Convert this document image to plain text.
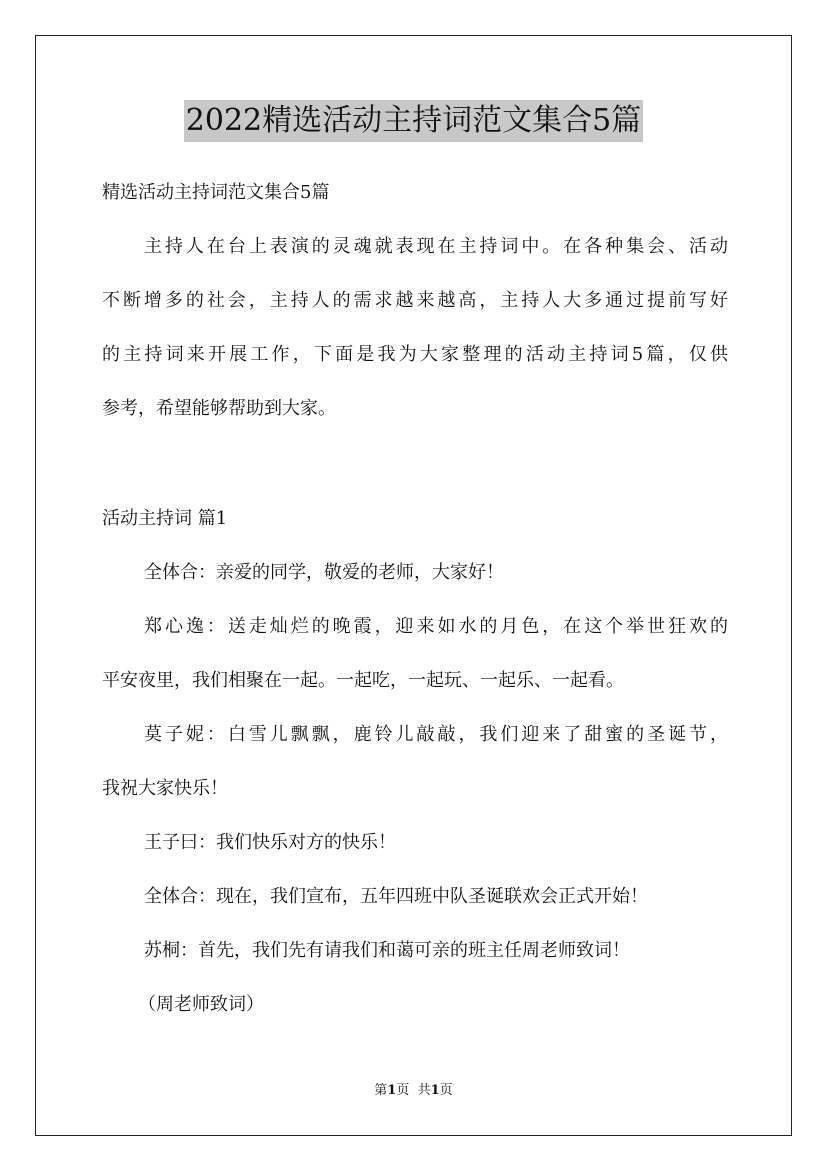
2022精选活动主持词范文集合5篇
精选活动主持词范文集合5篇
主持人在台上表演的灵魂就表现在主持词中。在各种集会、活动
不断增多的社会，主持人的需求越来越高，主持人大多通过提前写好
的主持词来开展工作，下面是我为大家整理的活动主持词5篇，仅供
参考，希望能够帮助到大家。
活动主持词 篇1
全体合：亲爱的同学，敬爱的老师，大家好！
郑心逸：送走灿烂的晚霞，迎来如水的月色，在这个举世狂欢的
平安夜里，我们相聚在一起。一起吃，一起玩、一起乐、一起看。
莫子妮：白雪儿飘飘，鹿铃儿敲敲，我们迎来了甜蜜的圣诞节，
我祝大家快乐！
王子曰：我们快乐对方的快乐！
全体合：现在，我们宣布，五年四班中队圣诞联欢会正式开始！
苏桐：首先，我们先有请我们和蔼可亲的班主任周老师致词！
（周老师致词）
第1页 共1页
